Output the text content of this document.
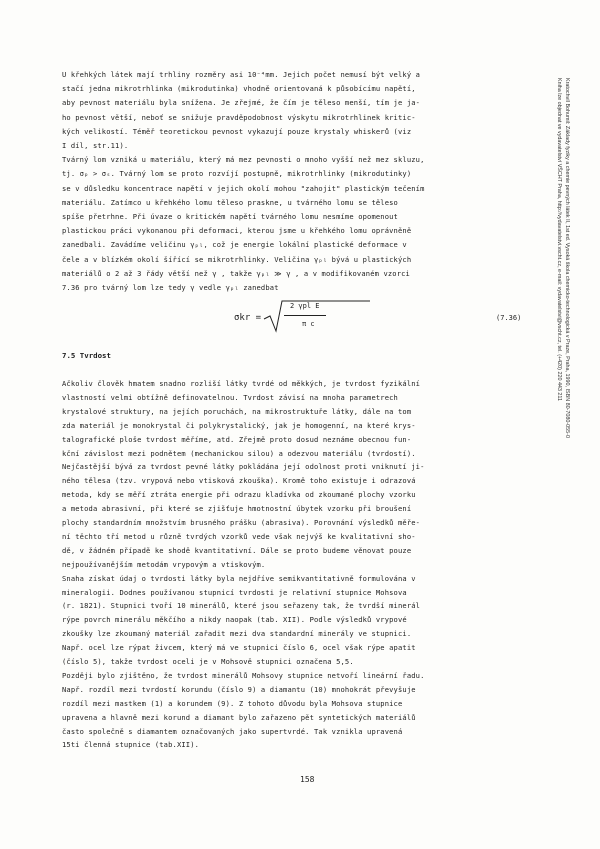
U křehkých látek mají trhliny rozměry asi 10⁻⁴mm. Jejich počet nemusí být velký a
stačí jedna mikrotrhlinka (mikrodutinka) vhodně orientovaná k působícímu napětí,
aby pevnost materiálu byla snížena. Je zřejmé, že čím je těleso menší, tím je ja-
ho pevnost větší, neboť se snižuje pravděpodobnost výskytu mikrotrhlinek kritic-
kých velikostí. Téměř teoretickou pevnost vykazují pouze krystaly whiskerů (viz
I díl, str.11).
Tvárný lom vzniká u materiálu, který má mez pevnosti o mnoho vyšší než mez skluzu,
tj. σₚ > σₛ. Tvárný lom se proto rozvíjí postupně, mikrotrhlinky (mikrodutinky)
se v důsledku koncentrace napětí v jejich okolí mohou "zahojit" plastickým tečením
materiálu. Zatímco u křehkého lomu těleso praskne, u tvárného lomu se těleso
spíše přetrhne. Při úvaze o kritickém napětí tvárného lomu nesmíme opomenout
plastickou práci vykonanou při deformaci, kterou jsme u křehkého lomu oprávněně
zanedbali. Zavádíme veličinu γₚₗ, což je energie lokální plastické deformace v
čele a v blízkém okolí šířící se mikrotrhlinky. Veličina γₚₗ bývá u plastických
materiálů o 2 až 3 řády větší než γ , takže γₚₗ ≫ γ , a v modifikovaném vzorci
7.36 pro tvárný lom lze tedy γ vedle γₚₗ zanedbat
σkr =
2 γpl E
π c
(7.36)
7.5 Tvrdost
Ačkoliv člověk hmatem snadno rozliší látky tvrdé od měkkých, je tvrdost fyzikální
vlastností velmi obtížně definovatelnou. Tvrdost závisí na mnoha parametrech
krystalové struktury, na jejích poruchách, na mikrostruktuře látky, dále na tom
zda materiál je monokrystal či polykrystalický, jak je homogenní, na které krys-
talografické ploše tvrdost měříme, atd. Zřejmě proto dosud neznáme obecnou fun-
kční závislost mezi podnětem (mechanickou silou) a odezvou materiálu (tvrdostí).
Nejčastější bývá za tvrdost pevné látky pokládána její odolnost proti vniknutí ji-
ného tělesa (tzv. vrypová nebo vtisková zkouška). Kromě toho existuje i odrazová
metoda, kdy se měří ztráta energie při odrazu kladívka od zkoumané plochy vzorku
a metoda abrasivní, při které se zjišťuje hmotnostní úbytek vzorku při broušení
plochy standardním množstvím brusného prášku (abrasiva). Porovnání výsledků měře-
ní těchto tří metod u různě tvrdých vzorků vede však nejvýš ke kvalitativní sho-
dě, v žádném případě ke shodě kvantitativní. Dále se proto budeme věnovat pouze
nejpoužívanějším metodám vrypovým a vtiskovým.
Snaha získat údaj o tvrdosti látky byla nejdříve semikvantitativně formulována v
mineralogii. Dodnes používanou stupnicí tvrdosti je relativní stupnice Mohsova
(r. 1821). Stupnici tvoří 10 minerálů, které jsou seřazeny tak, že tvrdší minerál
rýpe povrch minerálu měkčího a nikdy naopak (tab. XII). Podle výsledků vrypové
zkoušky lze zkoumaný materiál zařadit mezi dva standardní minerály ve stupnici.
Např. ocel lze rýpat živcem, který má ve stupnici číslo 6, ocel však rýpe apatit
(číslo 5), takže tvrdost oceli je v Mohsově stupnici označena 5,5.
Později bylo zjištěno, že tvrdost minerálů Mohsovy stupnice netvoří lineární řadu.
Např. rozdíl mezi tvrdostí korundu (číslo 9) a diamantu (10) mnohokrát převyšuje
rozdíl mezi mastkem (1) a korundem (9). Z tohoto důvodu byla Mohsova stupnice
upravena a hlavně mezi korund a diamant bylo zařazeno pět syntetických materiálů
často společně s diamantem označovaných jako supertvrdé. Tak vznikla upravená
15ti členná stupnice (tab.XII).
158
Kratochvíl Bohumil: Základy fyziky a chemie pevných látek II, 1st ed. Vysoká škola chemicko-technologická v Praze, Praha, 1990, ISBN 80-7080-055-0
Kniha lze objednat ve vydavatelství VŠCHT Praha, http://vydavatelstvi.vscht.cz, e-mail: vydavatelstvi@vscht.cz, tel. (+420) 220 443 211
